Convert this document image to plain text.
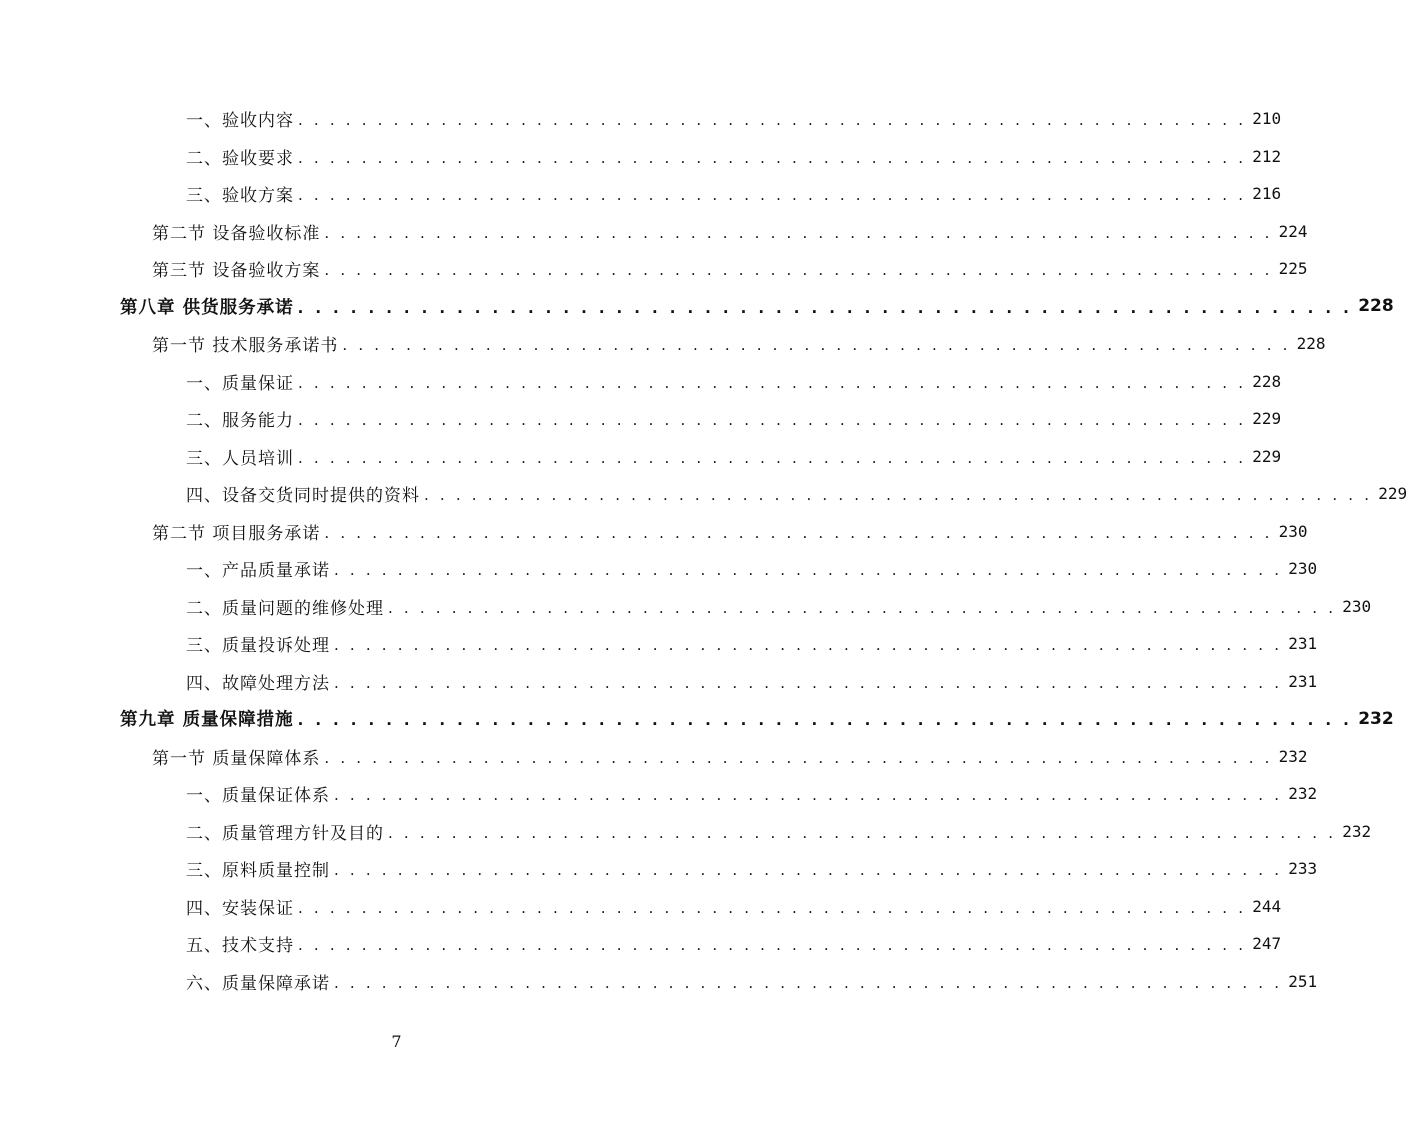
一、验收内容 . . . . . . . . . . . . . . . . . . . . . . . . . . . . . . . . . . . . . . . . . . . . . . . . . . . . . . . . . . . . 210
二、验收要求 . . . . . . . . . . . . . . . . . . . . . . . . . . . . . . . . . . . . . . . . . . . . . . . . . . . . . . . . . . . . 212
三、验收方案 . . . . . . . . . . . . . . . . . . . . . . . . . . . . . . . . . . . . . . . . . . . . . . . . . . . . . . . . . . . . 216
第二节 设备验收标准 . . . . . . . . . . . . . . . . . . . . . . . . . . . . . . . . . . . . . . . . . . . . . . . . . . . . . . . . . . . . 224
第三节 设备验收方案 . . . . . . . . . . . . . . . . . . . . . . . . . . . . . . . . . . . . . . . . . . . . . . . . . . . . . . . . . . . . 225
第八章 供货服务承诺 . . . . . . . . . . . . . . . . . . . . . . . . . . . . . . . . . . . . . . . . . . . . . . . . . . . . . . . . . . . . 228
第一节 技术服务承诺书 . . . . . . . . . . . . . . . . . . . . . . . . . . . . . . . . . . . . . . . . . . . . . . . . . . . . . . . . . . . . 228
一、质量保证 . . . . . . . . . . . . . . . . . . . . . . . . . . . . . . . . . . . . . . . . . . . . . . . . . . . . . . . . . . . . 228
二、服务能力 . . . . . . . . . . . . . . . . . . . . . . . . . . . . . . . . . . . . . . . . . . . . . . . . . . . . . . . . . . . . 229
三、人员培训 . . . . . . . . . . . . . . . . . . . . . . . . . . . . . . . . . . . . . . . . . . . . . . . . . . . . . . . . . . . . 229
四、设备交货同时提供的资料 . . . . . . . . . . . . . . . . . . . . . . . . . . . . . . . . . . . . . . . . . . . . . . . . . . . . . . . . . . . . 229
第二节 项目服务承诺 . . . . . . . . . . . . . . . . . . . . . . . . . . . . . . . . . . . . . . . . . . . . . . . . . . . . . . . . . . . . 230
一、产品质量承诺 . . . . . . . . . . . . . . . . . . . . . . . . . . . . . . . . . . . . . . . . . . . . . . . . . . . . . . . . . . . . 230
二、质量问题的维修处理 . . . . . . . . . . . . . . . . . . . . . . . . . . . . . . . . . . . . . . . . . . . . . . . . . . . . . . . . . . . . 230
三、质量投诉处理 . . . . . . . . . . . . . . . . . . . . . . . . . . . . . . . . . . . . . . . . . . . . . . . . . . . . . . . . . . . . 231
四、故障处理方法 . . . . . . . . . . . . . . . . . . . . . . . . . . . . . . . . . . . . . . . . . . . . . . . . . . . . . . . . . . . . 231
第九章 质量保障措施 . . . . . . . . . . . . . . . . . . . . . . . . . . . . . . . . . . . . . . . . . . . . . . . . . . . . . . . . . . . . 232
第一节 质量保障体系 . . . . . . . . . . . . . . . . . . . . . . . . . . . . . . . . . . . . . . . . . . . . . . . . . . . . . . . . . . . . 232
一、质量保证体系 . . . . . . . . . . . . . . . . . . . . . . . . . . . . . . . . . . . . . . . . . . . . . . . . . . . . . . . . . . . . 232
二、质量管理方针及目的 . . . . . . . . . . . . . . . . . . . . . . . . . . . . . . . . . . . . . . . . . . . . . . . . . . . . . . . . . . . . 232
三、原料质量控制 . . . . . . . . . . . . . . . . . . . . . . . . . . . . . . . . . . . . . . . . . . . . . . . . . . . . . . . . . . . . 233
四、安装保证 . . . . . . . . . . . . . . . . . . . . . . . . . . . . . . . . . . . . . . . . . . . . . . . . . . . . . . . . . . . . 244
五、技术支持 . . . . . . . . . . . . . . . . . . . . . . . . . . . . . . . . . . . . . . . . . . . . . . . . . . . . . . . . . . . . 247
六、质量保障承诺 . . . . . . . . . . . . . . . . . . . . . . . . . . . . . . . . . . . . . . . . . . . . . . . . . . . . . . . . . . . . 251
7
